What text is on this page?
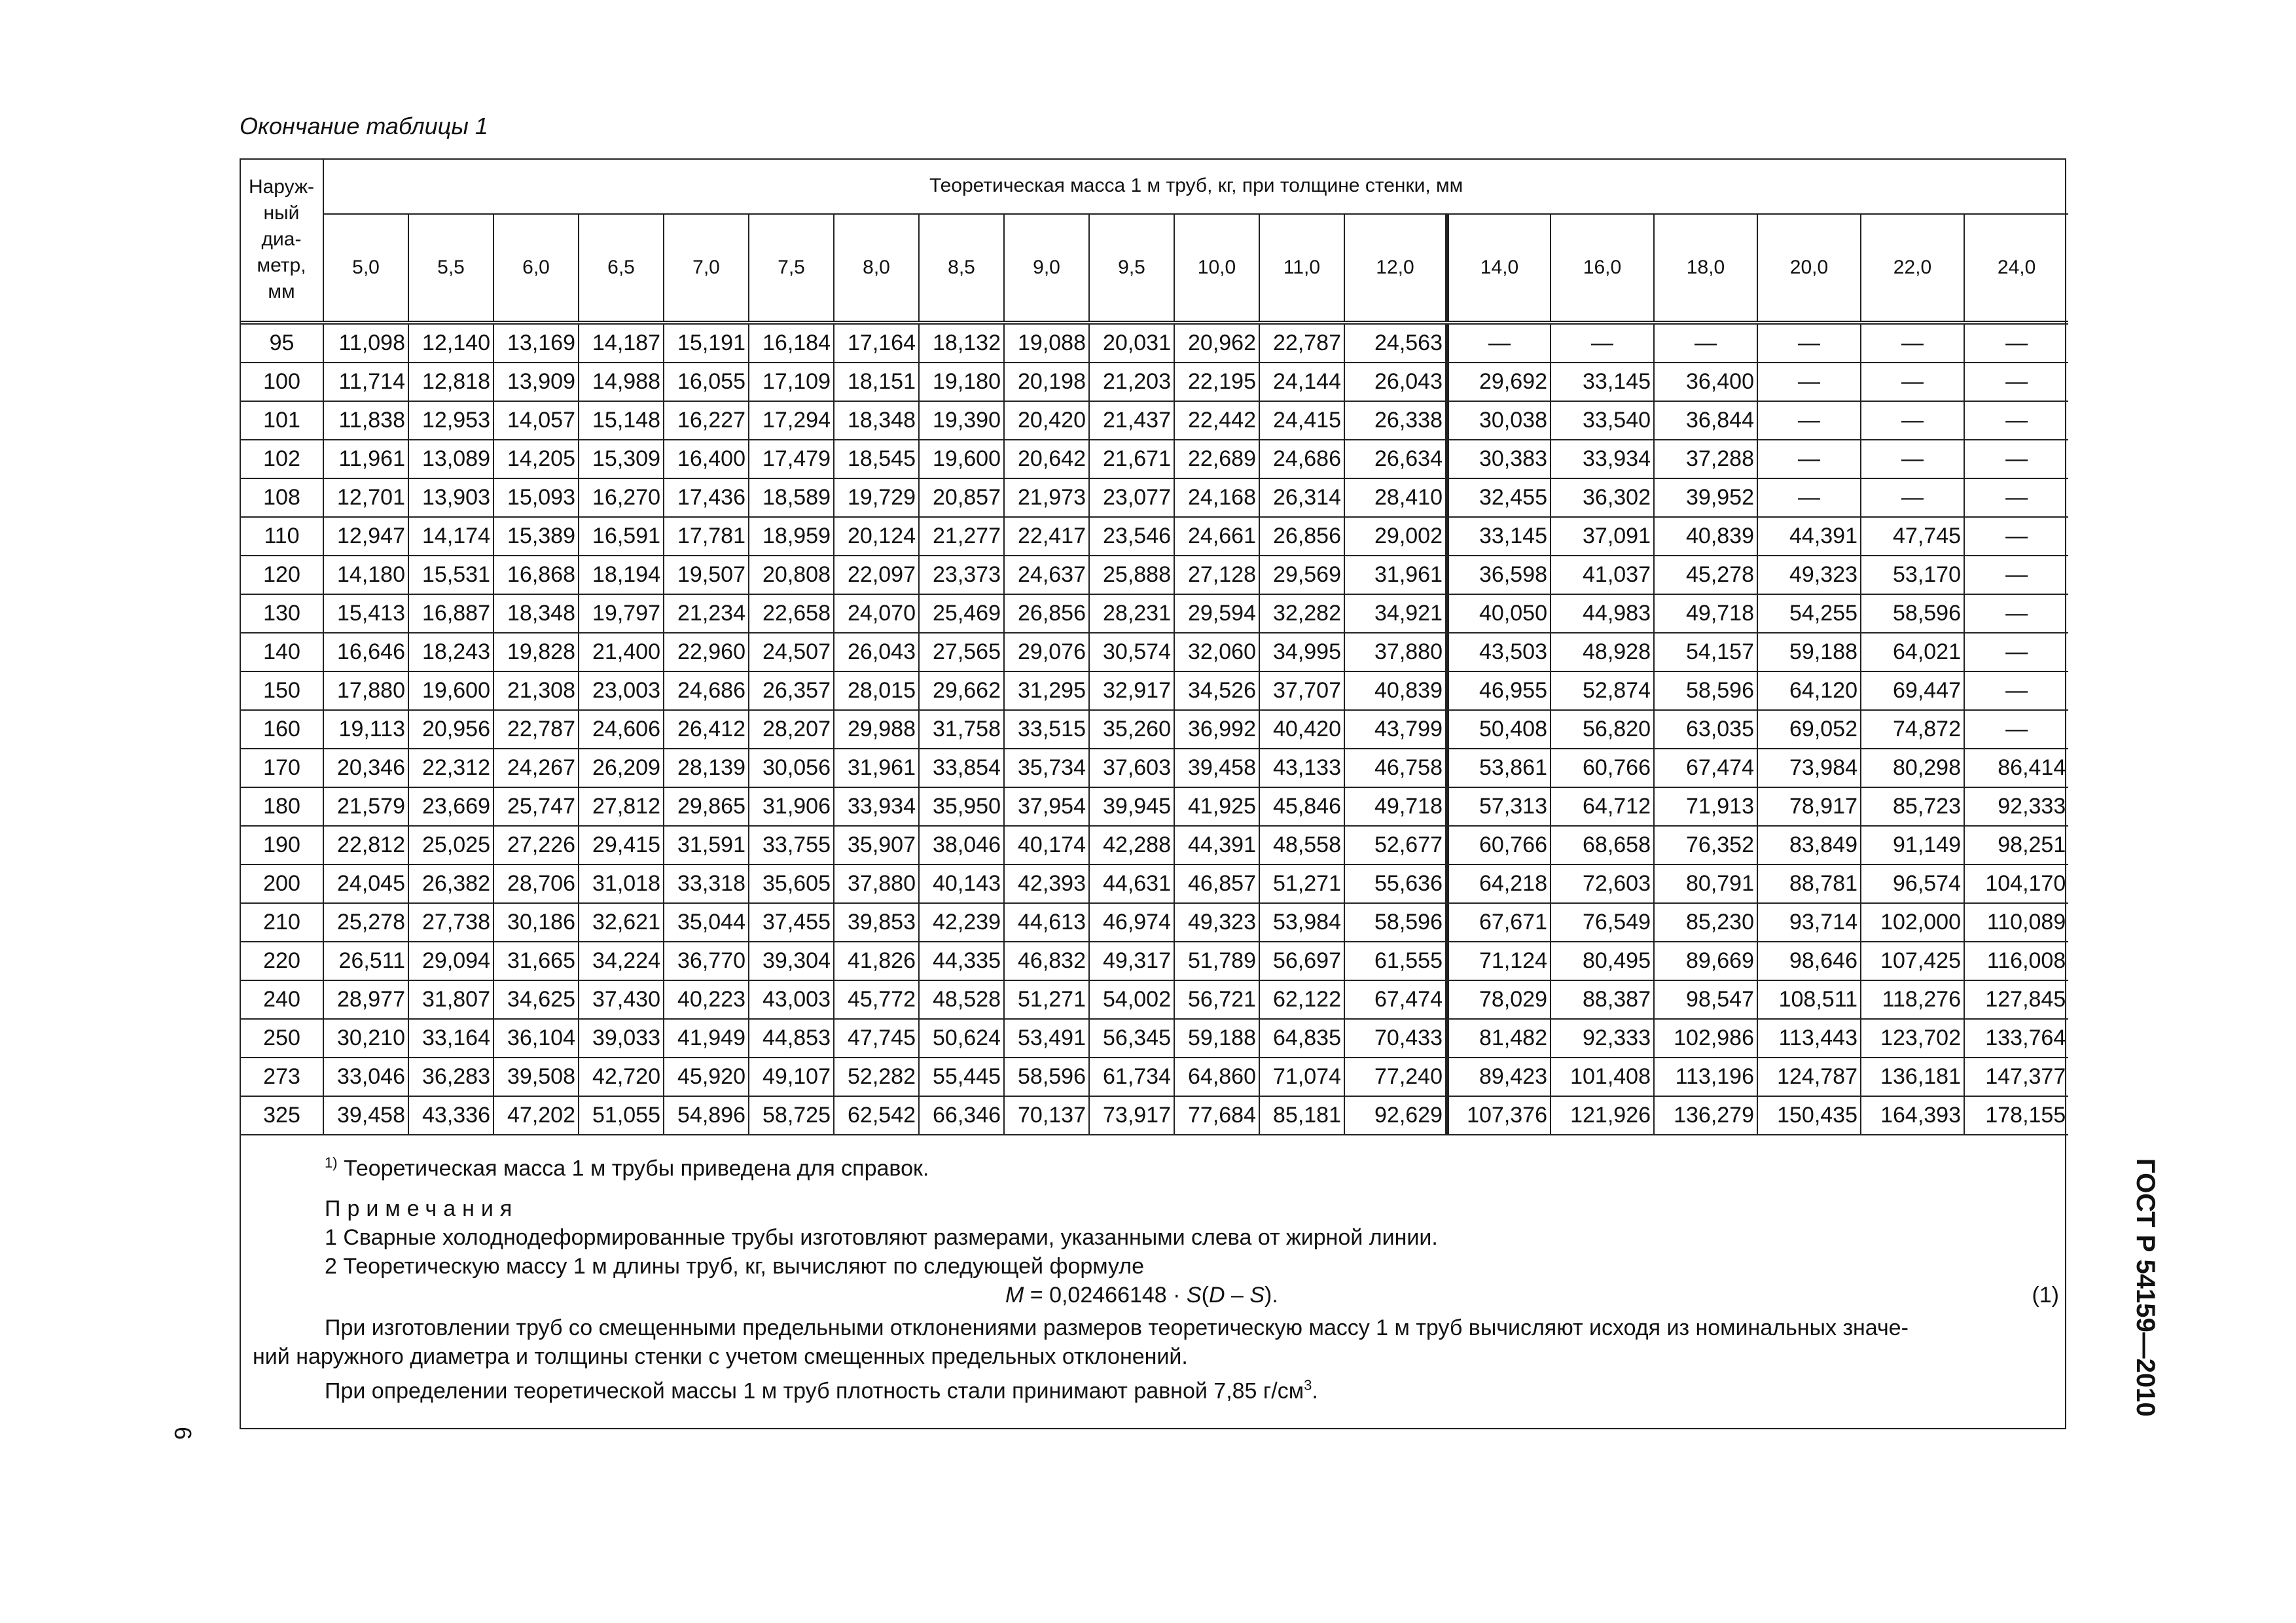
Окончание таблицы 1
Наруж-
ный
диа-
метр,
мм	Теоретическая масса 1 м труб, кг, при толщине стенки, мм																		
	5,0	5,5	6,0	6,5	7,0	7,5	8,0	8,5	9,0	9,5	10,0	11,0	12,0	14,0	16,0	18,0	20,0	22,0	24,0
95	11,098	12,140	13,169	14,187	15,191	16,184	17,164	18,132	19,088	20,031	20,962	22,787	24,563	—	—	—	—	—	—
100	11,714	12,818	13,909	14,988	16,055	17,109	18,151	19,180	20,198	21,203	22,195	24,144	26,043	29,692	33,145	36,400	—	—	—
101	11,838	12,953	14,057	15,148	16,227	17,294	18,348	19,390	20,420	21,437	22,442	24,415	26,338	30,038	33,540	36,844	—	—	—
102	11,961	13,089	14,205	15,309	16,400	17,479	18,545	19,600	20,642	21,671	22,689	24,686	26,634	30,383	33,934	37,288	—	—	—
108	12,701	13,903	15,093	16,270	17,436	18,589	19,729	20,857	21,973	23,077	24,168	26,314	28,410	32,455	36,302	39,952	—	—	—
110	12,947	14,174	15,389	16,591	17,781	18,959	20,124	21,277	22,417	23,546	24,661	26,856	29,002	33,145	37,091	40,839	44,391	47,745	—
120	14,180	15,531	16,868	18,194	19,507	20,808	22,097	23,373	24,637	25,888	27,128	29,569	31,961	36,598	41,037	45,278	49,323	53,170	—
130	15,413	16,887	18,348	19,797	21,234	22,658	24,070	25,469	26,856	28,231	29,594	32,282	34,921	40,050	44,983	49,718	54,255	58,596	—
140	16,646	18,243	19,828	21,400	22,960	24,507	26,043	27,565	29,076	30,574	32,060	34,995	37,880	43,503	48,928	54,157	59,188	64,021	—
150	17,880	19,600	21,308	23,003	24,686	26,357	28,015	29,662	31,295	32,917	34,526	37,707	40,839	46,955	52,874	58,596	64,120	69,447	—
160	19,113	20,956	22,787	24,606	26,412	28,207	29,988	31,758	33,515	35,260	36,992	40,420	43,799	50,408	56,820	63,035	69,052	74,872	—
170	20,346	22,312	24,267	26,209	28,139	30,056	31,961	33,854	35,734	37,603	39,458	43,133	46,758	53,861	60,766	67,474	73,984	80,298	86,414
180	21,579	23,669	25,747	27,812	29,865	31,906	33,934	35,950	37,954	39,945	41,925	45,846	49,718	57,313	64,712	71,913	78,917	85,723	92,333
190	22,812	25,025	27,226	29,415	31,591	33,755	35,907	38,046	40,174	42,288	44,391	48,558	52,677	60,766	68,658	76,352	83,849	91,149	98,251
200	24,045	26,382	28,706	31,018	33,318	35,605	37,880	40,143	42,393	44,631	46,857	51,271	55,636	64,218	72,603	80,791	88,781	96,574	104,170
210	25,278	27,738	30,186	32,621	35,044	37,455	39,853	42,239	44,613	46,974	49,323	53,984	58,596	67,671	76,549	85,230	93,714	102,000	110,089
220	26,511	29,094	31,665	34,224	36,770	39,304	41,826	44,335	46,832	49,317	51,789	56,697	61,555	71,124	80,495	89,669	98,646	107,425	116,008
240	28,977	31,807	34,625	37,430	40,223	43,003	45,772	48,528	51,271	54,002	56,721	62,122	67,474	78,029	88,387	98,547	108,511	118,276	127,845
250	30,210	33,164	36,104	39,033	41,949	44,853	47,745	50,624	53,491	56,345	59,188	64,835	70,433	81,482	92,333	102,986	113,443	123,702	133,764
273	33,046	36,283	39,508	42,720	45,920	49,107	52,282	55,445	58,596	61,734	64,860	71,074	77,240	89,423	101,408	113,196	124,787	136,181	147,377
325	39,458	43,336	47,202	51,055	54,896	58,725	62,542	66,346	70,137	73,917	77,684	85,181	92,629	107,376	121,926	136,279	150,435	164,393	178,155
$^{1)}$ Теоретическая масса 1 м трубы приведена для справок.
Примечания
1 Сварные холоднодеформированные трубы изготовляют размерами, указанными слева от жирной линии.
2 Теоретическую массу 1 м длины труб, кг, вычисляют по следующей формуле
M = 0,02466148 · S(D – S).	(1)
При изготовлении труб со смещенными предельными отклонениями размеров теоретическую массу 1 м труб вычисляют исходя из номинальных значе-
ний наружного диаметра и толщины стенки с учетом смещенных предельных отклонений.
При определении теоретической массы 1 м труб плотность стали принимают равной 7,85 $г/см^3$.
6
ГОСТ Р 54159—2010
